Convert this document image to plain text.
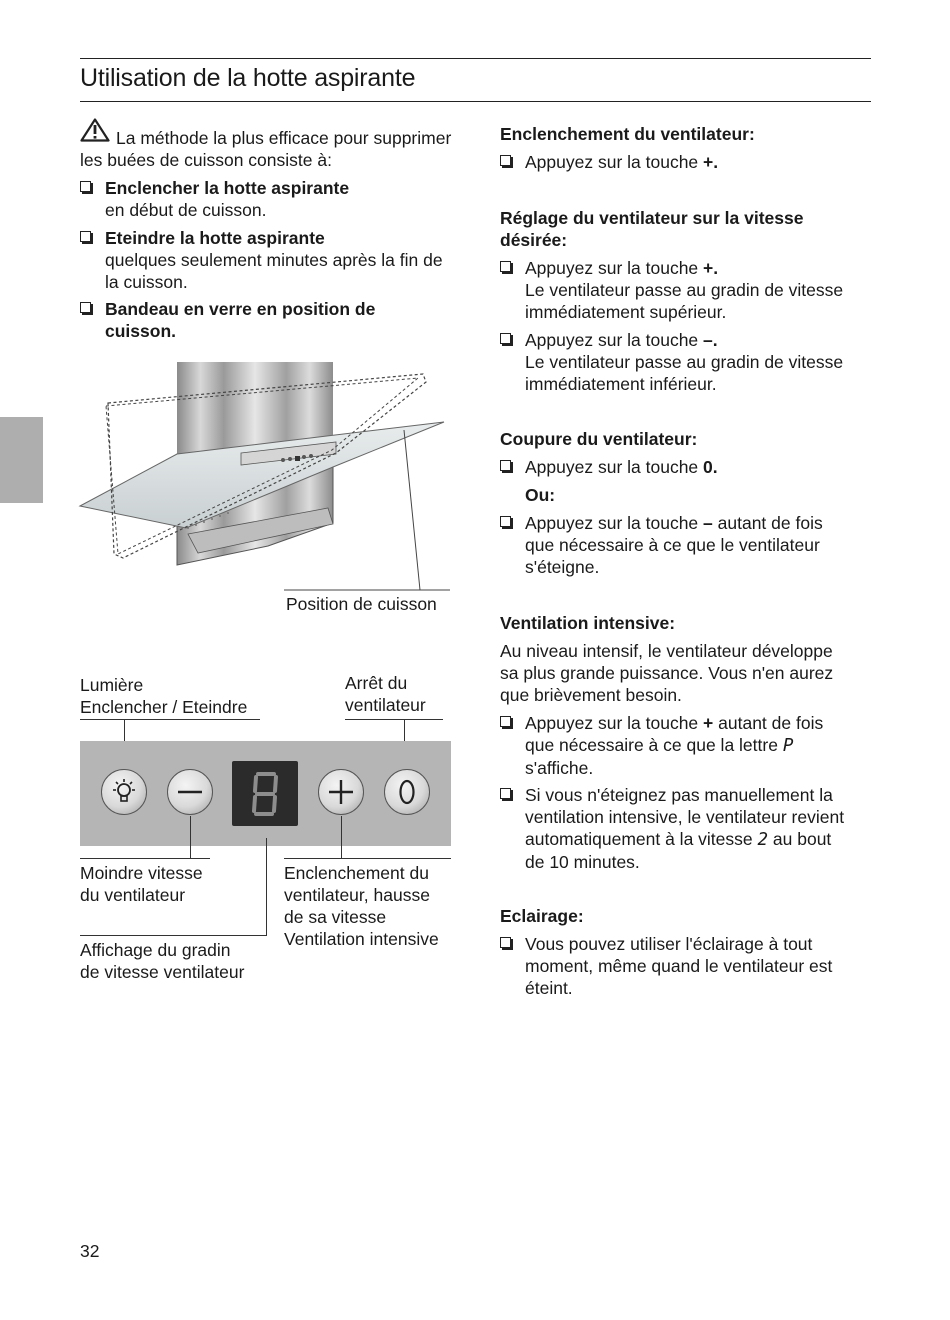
Utilisation de la hotte aspirante
La méthode la plus efficace pour supprimer les buées de cuisson consiste à:
Enclencher la hotte aspirante
en début de cuisson.
Eteindre la hotte aspirante
quelques seulement minutes après la fin de la cuisson.
Bandeau en verre en position de cuisson.
Position de cuisson
Lumière
Enclencher / Eteindre
Arrêt du
ventilateur
Moindre vitesse
du ventilateur
Enclenchement du
ventilateur, hausse
de sa vitesse
Ventilation intensive
Affichage du gradin
de vitesse ventilateur
Enclenchement du ventilateur:
Appuyez sur la touche +.
Réglage du ventilateur sur la vitesse
désirée:
Appuyez sur la touche +.
Le ventilateur passe au gradin de vitesse
immédiatement supérieur.
Appuyez sur la touche –.
Le ventilateur passe au gradin de vitesse
immédiatement inférieur.
Coupure du ventilateur:
Appuyez sur la touche 0.
Ou:
Appuyez sur la touche – autant de fois
que nécessaire à ce que le ventilateur
s'éteigne.
Ventilation intensive:
Au niveau intensif, le ventilateur développe
sa plus grande puissance. Vous n'en aurez
que brièvement besoin.
Appuyez sur la touche + autant de fois
que nécessaire à ce que la lettre P
s'affiche.
Si vous n'éteignez pas manuellement la
ventilation intensive, le ventilateur revient
automatiquement à la vitesse 2 au bout
de 10 minutes.
Eclairage:
Vous pouvez utiliser l'éclairage à tout
moment, même quand le ventilateur est
éteint.
32
